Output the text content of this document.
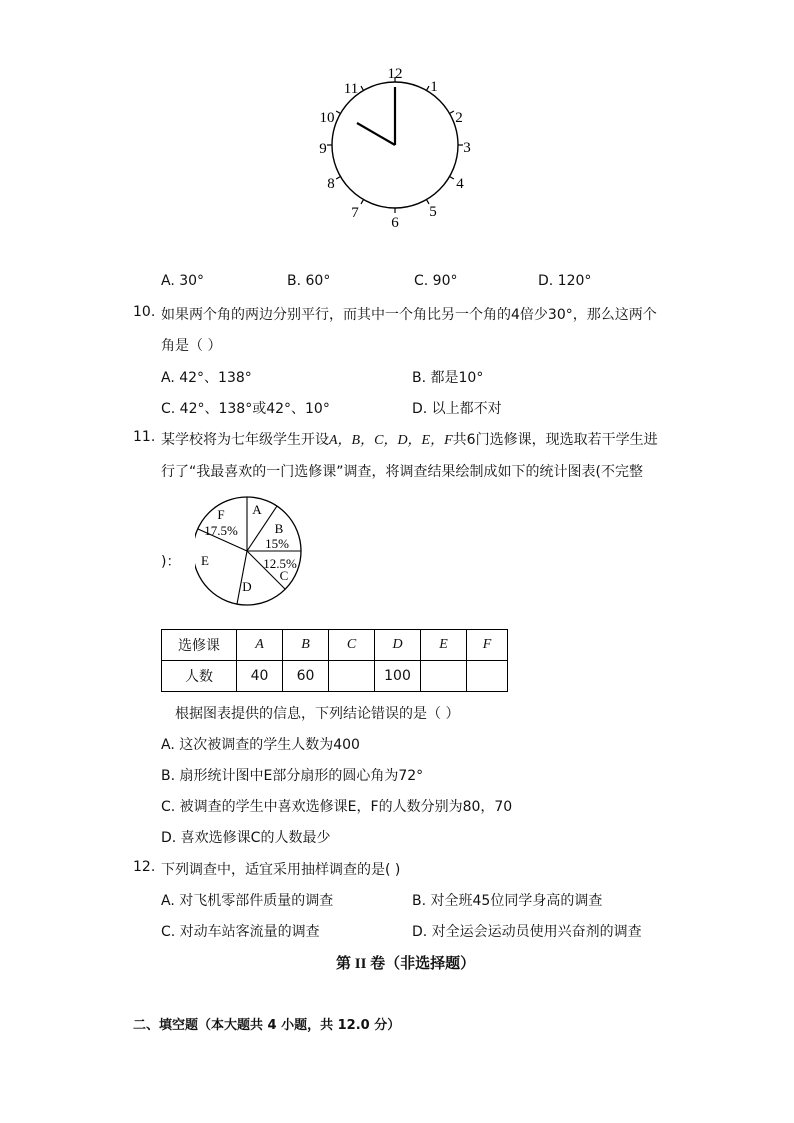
12
1
2
3
4
5
6
7
8
9
10
11
A. 30°	B. 60°	C. 90°	D. 120°
10. 如果两个角的两边分别平行，而其中一个角比另一个角的4倍少30°，那么这两个
角是（ ）
A. 42°、138°	B. 都是10°
C. 42°、138°或42°、10°	D. 以上都不对
11. 某学校将为七年级学生开设A，B，C，D，E，F共6门选修课，现选取若干学生进
行了“我最喜欢的一门选修课”调查，将调查结果绘制成如下的统计图表(不完整
F
17.5%
A
B
15%
12.5%
C
D
E
)：
选修课	A	B	C	D	E	F
人数	40	60		100		
根据图表提供的信息，下列结论错误的是（ ）
A. 这次被调查的学生人数为400
B. 扇形统计图中E部分扇形的圆心角为72°
C. 被调查的学生中喜欢选修课E，F的人数分别为80，70
D. 喜欢选修课C的人数最少
12. 下列调查中，适宜采用抽样调查的是( )
A. 对飞机零部件质量的调查	B. 对全班45位同学身高的调查
C. 对动车站客流量的调查	D. 对全运会运动员使用兴奋剂的调查
第 II 卷（非选择题）
二、填空题（本大题共 4 小题，共 12.0 分）
